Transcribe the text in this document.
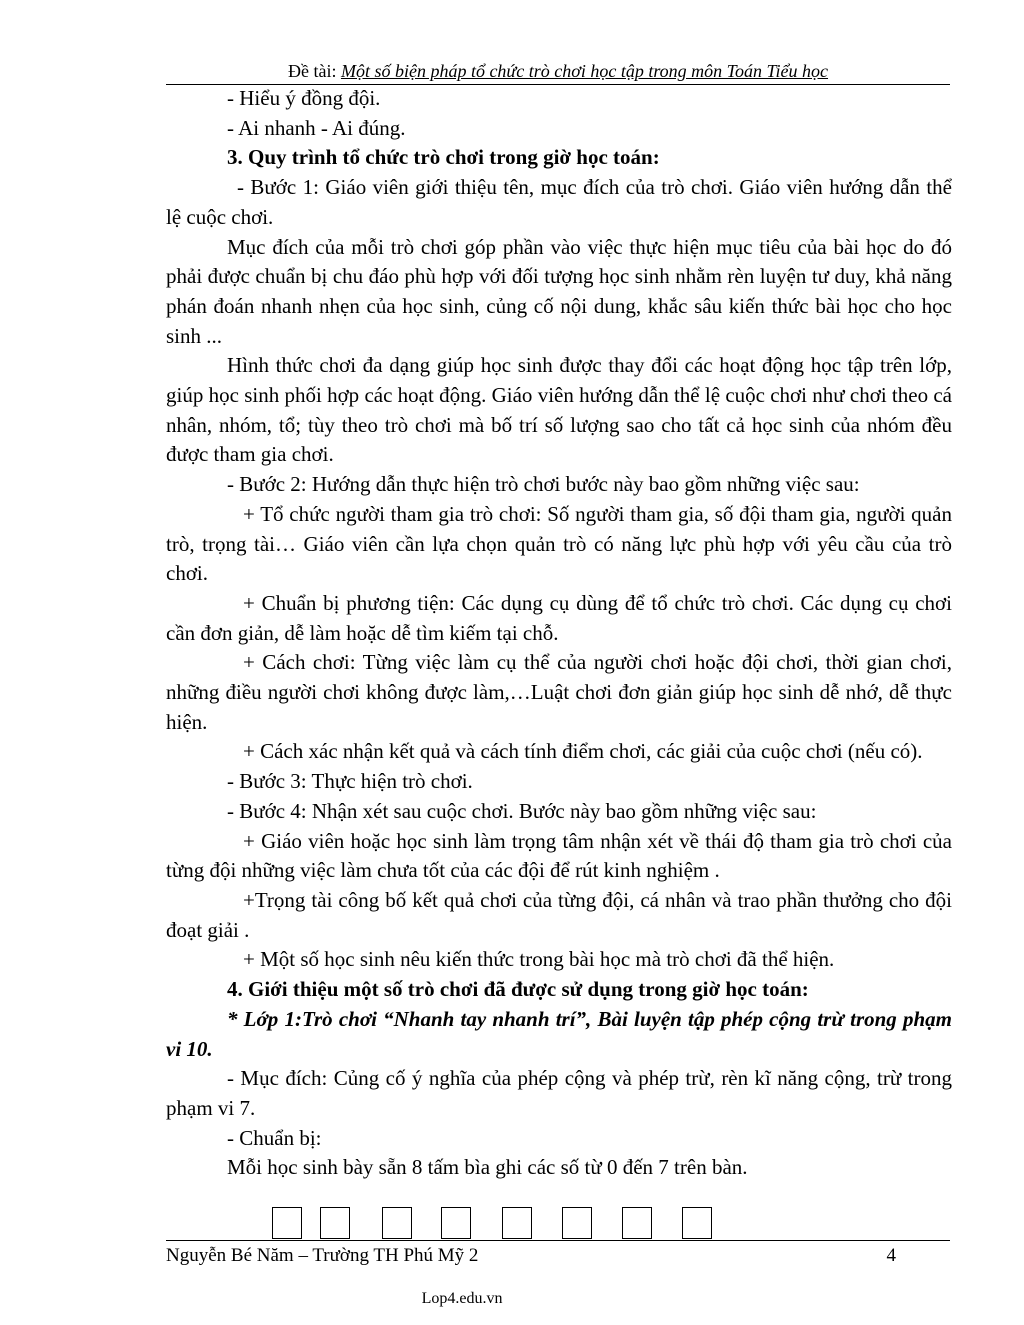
Đề tài: Một số biện pháp tổ chức trò chơi học tập trong môn Toán Tiểu học

- Hiểu ý đồng đội.

- Ai nhanh - Ai đúng.

3. Quy trình tổ chức trò chơi trong giờ học toán:

- Bước 1: Giáo viên giới thiệu tên, mục đích của trò chơi. Giáo viên hướng dẫn thể lệ cuộc chơi.

Mục đích của mỗi trò chơi góp phần vào việc thực hiện mục tiêu của bài học do đó phải được chuẩn bị chu đáo phù hợp với đối tượng học sinh nhằm rèn luyện tư duy, khả năng phán đoán nhanh nhẹn của học sinh, củng cố nội dung, khắc sâu kiến thức bài học cho học sinh ...

Hình thức chơi đa dạng giúp học sinh được thay đổi các hoạt động học tập trên lớp, giúp học sinh phối hợp các hoạt động. Giáo viên hướng dẫn thể lệ cuộc chơi như chơi theo cá nhân, nhóm, tổ; tùy theo trò chơi mà bố trí số lượng sao cho tất cả học sinh của nhóm đều được tham gia chơi.

- Bước 2: Hướng dẫn thực hiện trò chơi bước này bao gồm những việc sau:

+ Tổ chức người tham gia trò chơi: Số người tham gia, số đội tham gia, người quản trò, trọng tài… Giáo viên cần lựa chọn quản trò có năng lực phù hợp với yêu cầu của trò chơi.

+ Chuẩn bị phương tiện: Các dụng cụ dùng để tổ chức trò chơi. Các dụng cụ chơi cần đơn giản, dễ làm hoặc dễ tìm kiếm tại chỗ.

+ Cách chơi: Từng việc làm cụ thể của người chơi hoặc đội chơi, thời gian chơi, những điều người chơi không được làm,…Luật chơi đơn giản giúp học sinh dễ nhớ, dễ thực hiện.

+ Cách xác nhận kết quả và cách tính điểm chơi, các giải của cuộc chơi (nếu có).

- Bước 3: Thực hiện trò chơi.

- Bước 4: Nhận xét sau cuộc chơi. Bước này bao gồm những việc sau:

+ Giáo viên hoặc học sinh làm trọng tâm nhận xét về thái độ tham gia trò chơi của từng đội những việc làm chưa tốt của các đội để rút kinh nghiệm .

+Trọng tài công bố kết quả chơi của từng đội, cá nhân và trao phần thưởng cho đội đoạt giải .

+ Một số học sinh nêu kiến thức trong bài học mà trò chơi đã thể hiện.

4. Giới thiệu một số trò chơi đã được sử dụng trong giờ học toán:

* Lớp 1:Trò chơi “Nhanh tay nhanh trí”, Bài luyện tập phép cộng trừ trong phạm vi 10.

- Mục đích: Củng cố ý nghĩa của phép cộng và phép trừ, rèn kĩ năng cộng, trừ trong phạm vi 7.

- Chuẩn bị:

Mỗi học sinh bày sẵn 8 tấm bìa ghi các số từ 0 đến 7 trên bàn.

Nguyễn Bé Năm – Trường TH Phú Mỹ 2	4
Lop4.edu.vn
